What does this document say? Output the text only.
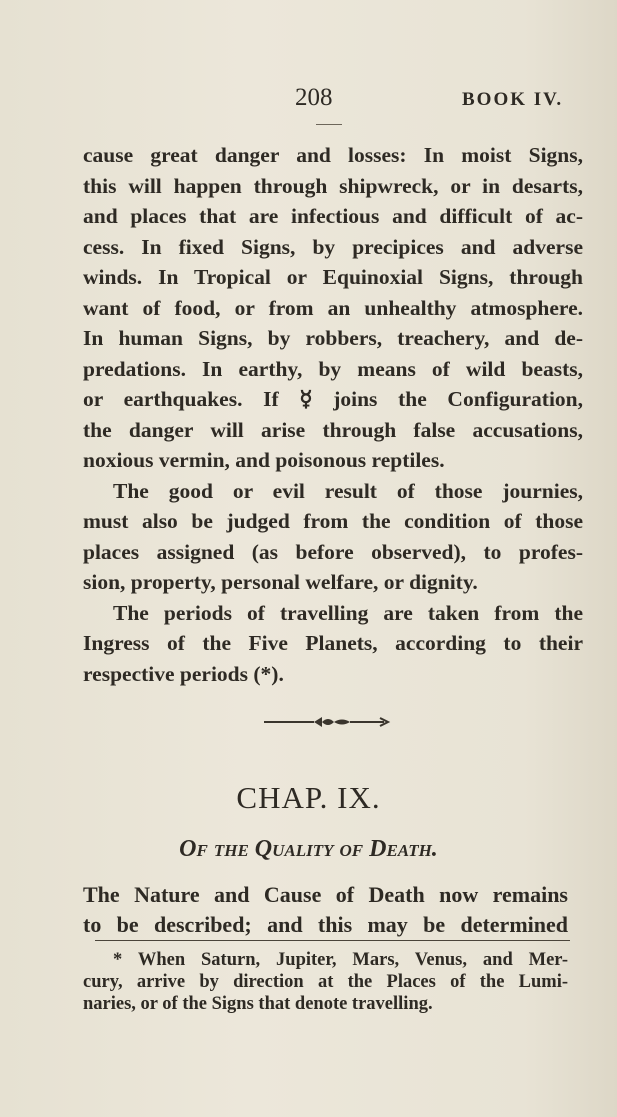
208	BOOK IV.
cause great danger and losses: In moist Signs,
this will happen through shipwreck, or in desarts,
and places that are infectious and difficult of ac-
cess. In fixed Signs, by precipices and adverse
winds. In Tropical or Equinoxial Signs, through
want of food, or from an unhealthy atmosphere.
In human Signs, by robbers, treachery, and de-
predations. In earthy, by means of wild beasts,
or earthquakes. If ☿ joins the Configuration,
the danger will arise through false accusations,
noxious vermin, and poisonous reptiles.
The good or evil result of those journies,
must also be judged from the condition of those
places assigned (as before observed), to profes-
sion, property, personal welfare, or dignity.
The periods of travelling are taken from the
Ingress of the Five Planets, according to their
respective periods (*).
CHAP. IX.
Of the Quality of Death.
The Nature and Cause of Death now remains
to be described; and this may be determined
* When Saturn, Jupiter, Mars, Venus, and Mer-
cury, arrive by direction at the Places of the Lumi-
naries, or of the Signs that denote travelling.
